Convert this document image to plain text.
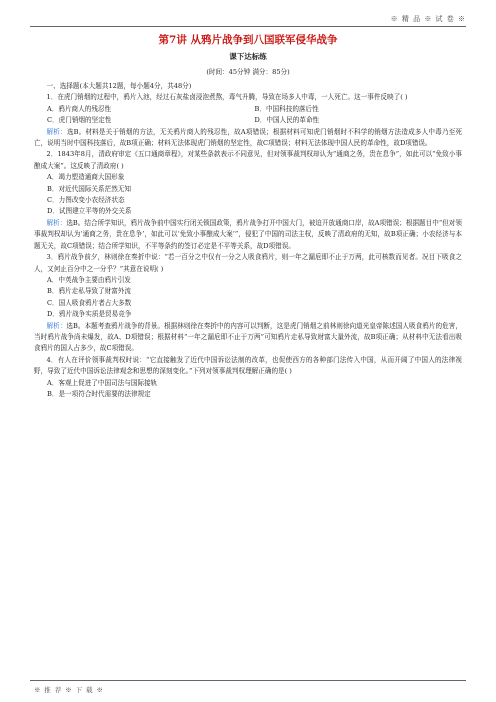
※ 精 品 ※ 试 卷 ※
第7讲 从鸦片战争到八国联军侵华战争
课下达标练
(时间：45分钟 满分：85分)

一、选择题(本大题共12题，每小题4分，共48分)

1．在虎门销烟的过程中，鸦片入池，经过石灰盐卤浸泡煮熬，毒气升腾，导致在场多人中毒，一人死亡。这一事件反映了( )

A．鸦片商人的残忍性	B．中国科技的落后性
C．虎门销烟的坚定性	D．中国人民的革命性

解析：选B。材料是关于销烟的方法，无关鸦片商人的残忍性，故A项错误；根据材料可知虎门销烟时不科学的销烟方法造成多人中毒乃至死亡，说明当时中国科技落后，故B项正确；材料无法体现虎门销烟的坚定性，故C项错误；材料无法体现中国人民的革命性，故D项错误。

2．1843年8月，清政府审定《五口通商章程》，对某些条款表示不同意见，但对领事裁判权却认为“通商之务，贵在息争”，如此可以“免致小事酿成大案”。这反映了清政府( )

A．竭力塑造通商大国形象

B．对近代国际关系茫然无知

C．力图改变小农经济状态

D．试图建立平等的外交关系

解析：选B。结合所学知识，鸦片战争前中国实行闭关锁国政策，鸦片战争打开中国大门，被迫开放通商口岸，故A项错误；根据题目中“但对领事裁判权却认为‘通商之务，贵在息争’，如此可以‘免致小事酿成大案’”，侵犯了中国的司法主权，反映了清政府的无知，故B项正确；小农经济与本题无关，故C项错误；结合所学知识，不平等条约的签订必定是不平等关系，故D项错误。

3．鸦片战争前夕，林则徐在奏折中说：“若一百分之中仅有一分之人吸食鸦片，则一年之漏卮即不止于万两，此可核数而见者。况目下吸食之人，又何止百分中之一分乎？”其意在说明( )

A．中英战争主要由鸦片引发

B．鸦片走私导致了财富外流

C．国人吸食鸦片者占大多数

D．鸦片战争实质是贸易竞争

解析：选B。本题考查鸦片战争的背景。根据林则徐在奏折中的内容可以判断，这是虎门销烟之前林则徐向道光皇帝陈述国人吸食鸦片的危害，当时鸦片战争尚未爆发，故A、D项错误；根据材料“一年之漏卮即不止于万两”可知鸦片走私导致财富大量外流，故B项正确；从材料中无法看出吸食鸦片的国人占多少，故C项错误。

4．有人在评价领事裁判权时说：“它直接触发了近代中国诉讼法制的改革，也促使西方的各种部门法传入中国，从而开阔了中国人的法律视野，导致了近代中国诉讼法律观念和思想的深刻变化。”下列对领事裁判权理解正确的是( )

A．客观上促进了中国司法与国际接轨

B．是一项符合时代需要的法律规定

※ 推 荐 ※ 下 载 ※
